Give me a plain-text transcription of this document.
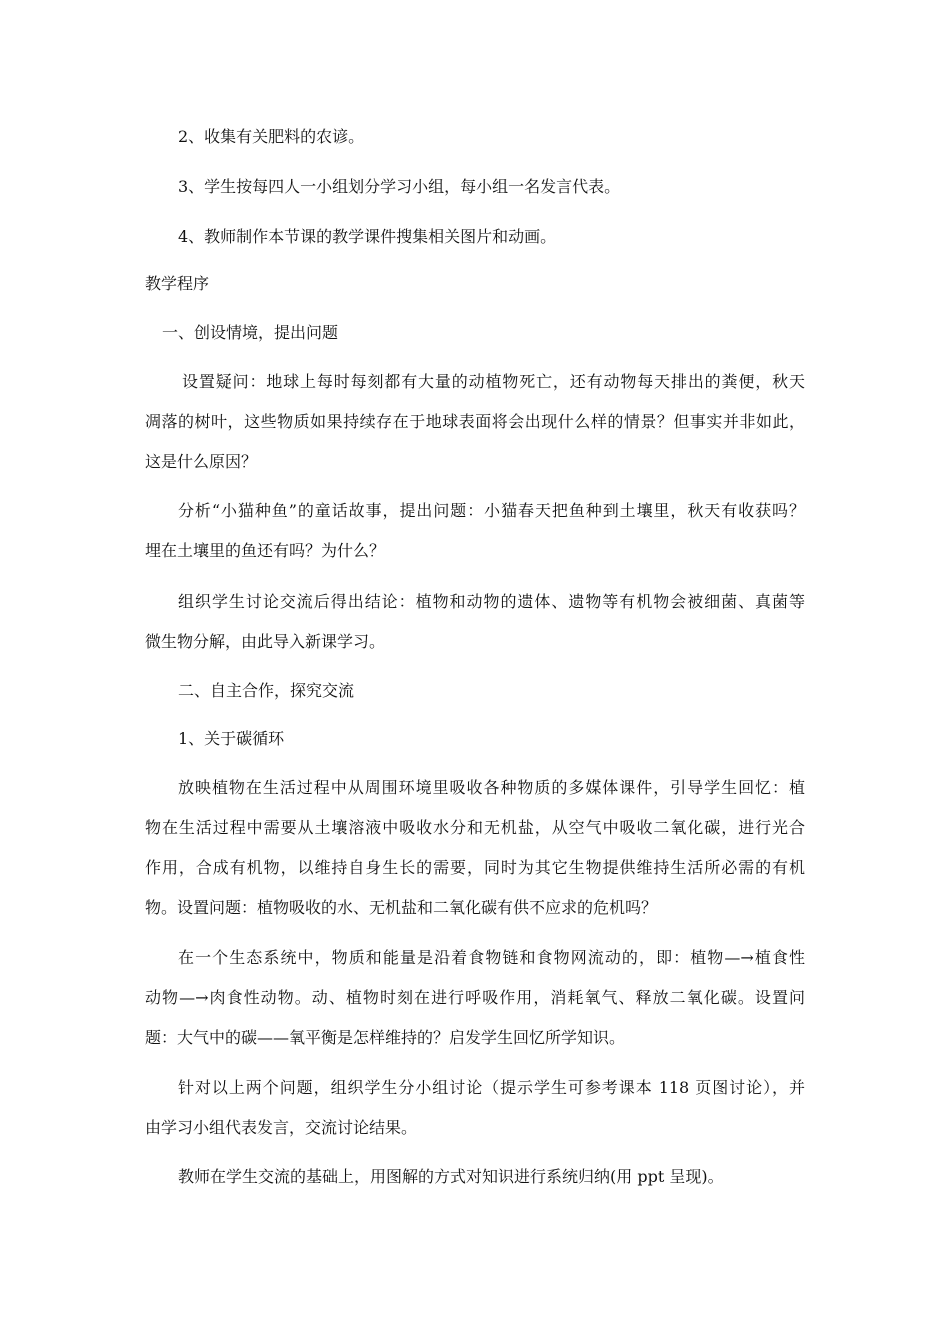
2、收集有关肥料的农谚。
3、学生按每四人一小组划分学习小组，每小组一名发言代表。
4、教师制作本节课的教学课件搜集相关图片和动画。
教学程序
一、创设情境，提出问题
设置疑问：地球上每时每刻都有大量的动植物死亡，还有动物每天排出的粪便，秋天
凋落的树叶，这些物质如果持续存在于地球表面将会出现什么样的情景？但事实并非如此，
这是什么原因？
分析“小猫种鱼”的童话故事，提出问题：小猫春天把鱼种到土壤里，秋天有收获吗？
埋在土壤里的鱼还有吗？为什么？
组织学生讨论交流后得出结论：植物和动物的遗体、遗物等有机物会被细菌、真菌等
微生物分解，由此导入新课学习。
二、自主合作，探究交流
1、关于碳循环
放映植物在生活过程中从周围环境里吸收各种物质的多媒体课件，引导学生回忆：植
物在生活过程中需要从土壤溶液中吸收水分和无机盐，从空气中吸收二氧化碳，进行光合
作用，合成有机物，以维持自身生长的需要，同时为其它生物提供维持生活所必需的有机
物。设置问题：植物吸收的水、无机盐和二氧化碳有供不应求的危机吗？
在一个生态系统中，物质和能量是沿着食物链和食物网流动的，即：植物—→植食性
动物—→肉食性动物。动、植物时刻在进行呼吸作用，消耗氧气、释放二氧化碳。设置问
题：大气中的碳——氧平衡是怎样维持的？启发学生回忆所学知识。
针对以上两个问题，组织学生分小组讨论（提示学生可参考课本 118 页图讨论），并
由学习小组代表发言，交流讨论结果。
教师在学生交流的基础上，用图解的方式对知识进行系统归纳(用 ppt 呈现)。
